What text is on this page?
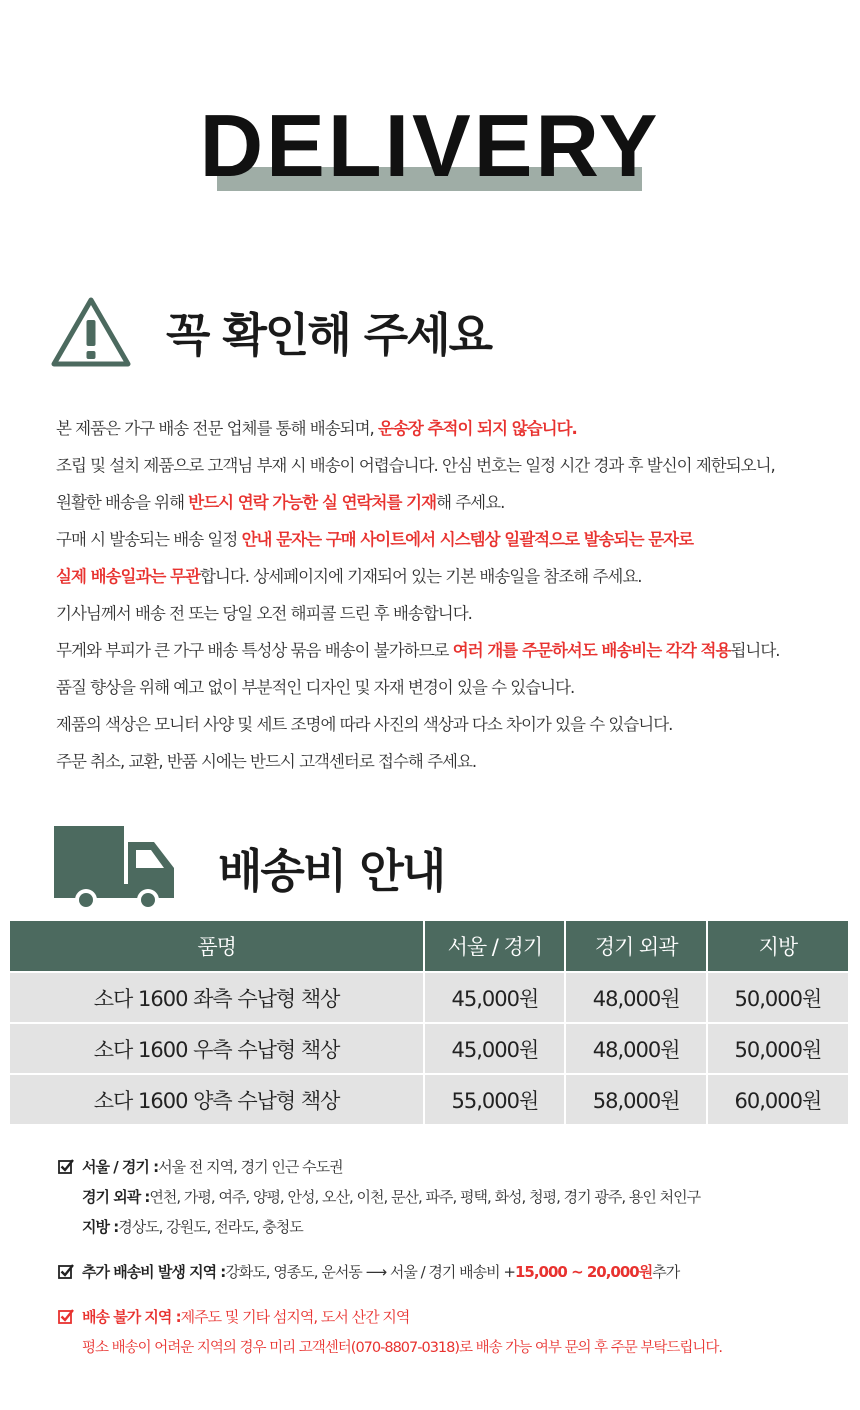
DELIVERY
꼭 확인해 주세요
본 제품은 가구 배송 전문 업체를 통해 배송되며, 운송장 추적이 되지 않습니다.
조립 및 설치 제품으로 고객님 부재 시 배송이 어렵습니다. 안심 번호는 일정 시간 경과 후 발신이 제한되오니,
원활한 배송을 위해 반드시 연락 가능한 실 연락처를 기재해 주세요.
구매 시 발송되는 배송 일정 안내 문자는 구매 사이트에서 시스템상 일괄적으로 발송되는 문자로
실제 배송일과는 무관합니다. 상세페이지에 기재되어 있는 기본 배송일을 참조해 주세요.
기사님께서 배송 전 또는 당일 오전 해피콜 드린 후 배송합니다.
무게와 부피가 큰 가구 배송 특성상 묶음 배송이 불가하므로 여러 개를 주문하셔도 배송비는 각각 적용됩니다.
품질 향상을 위해 예고 없이 부분적인 디자인 및 자재 변경이 있을 수 있습니다.
제품의 색상은 모니터 사양 및 세트 조명에 따라 사진의 색상과 다소 차이가 있을 수 있습니다.
주문 취소, 교환, 반품 시에는 반드시 고객센터로 접수해 주세요.
배송비 안내
품명	서울 / 경기	경기 외곽	지방
소다 1600 좌측 수납형 책상	45,000원	48,000원	50,000원
소다 1600 우측 수납형 책상	45,000원	48,000원	50,000원
소다 1600 양측 수납형 책상	55,000원	58,000원	60,000원
서울 / 경기 : 서울 전 지역, 경기 인근 수도권
경기 외곽 : 연천, 가평, 여주, 양평, 안성, 오산, 이천, 문산, 파주, 평택, 화성, 청평, 경기 광주, 용인 처인구
지방 : 경상도, 강원도, 전라도, 충청도
추가 배송비 발생 지역 : 강화도, 영종도, 운서동 ⟶ 서울 / 경기 배송비 + 15,000 ~ 20,000원 추가
배송 불가 지역 : 제주도 및 기타 섬지역, 도서 산간 지역
평소 배송이 어려운 지역의 경우 미리 고객센터(070-8807-0318)로 배송 가능 여부 문의 후 주문 부탁드립니다.
